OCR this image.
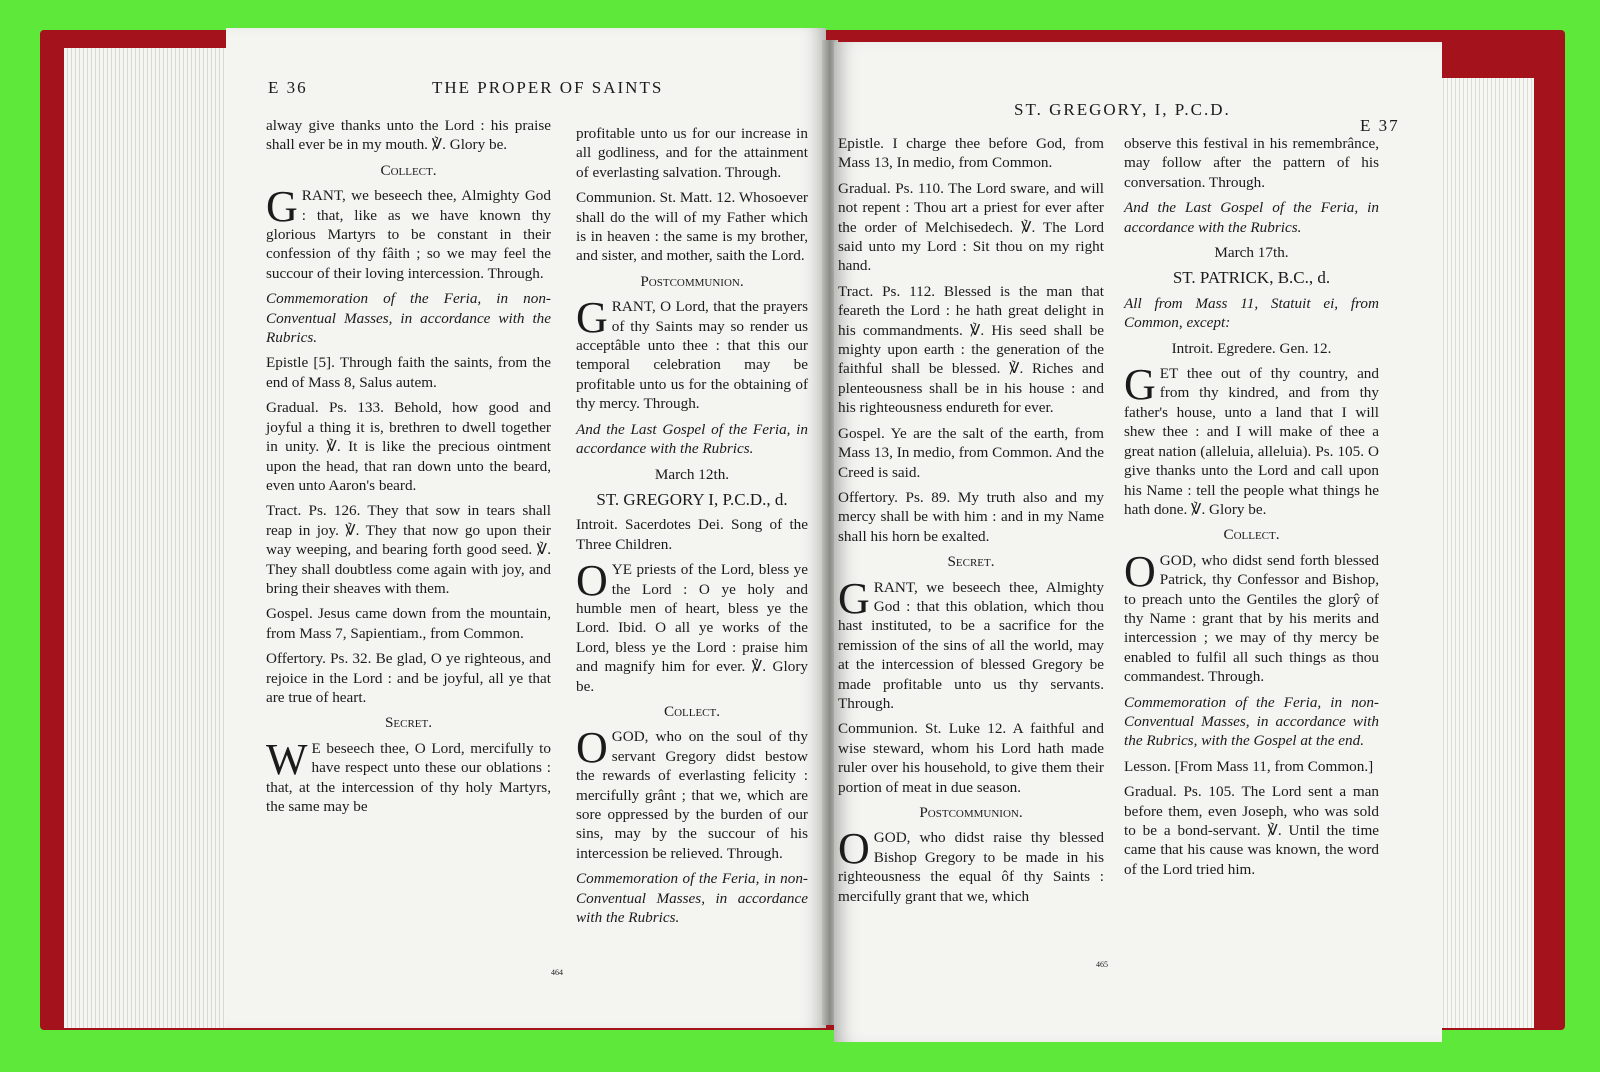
E 36	THE PROPER OF SAINTS

alway give thanks unto the Lord : his praise shall ever be in my mouth. ℣. Glory be.

Collect.

GRANT, we beseech thee, Almighty God : that, like as we have known thy glorious Martyrs to be constant in their confession of thy fâith ; so we may feel the succour of their loving intercession. Through.

Commemoration of the Feria, in non-Conventual Masses, in accordance with the Rubrics.

Epistle [5]. Through faith the saints, from the end of Mass 8, Salus autem.

Gradual. Ps. 133. Behold, how good and joyful a thing it is, brethren to dwell together in unity. ℣. It is like the precious ointment upon the head, that ran down unto the beard, even unto Aaron's beard.

Tract. Ps. 126. They that sow in tears shall reap in joy. ℣. They that now go upon their way weeping, and bearing forth good seed. ℣. They shall doubtless come again with joy, and bring their sheaves with them.

Gospel. Jesus came down from the mountain, from Mass 7, Sapientiam., from Common.

Offertory. Ps. 32. Be glad, O ye righteous, and rejoice in the Lord : and be joyful, all ye that are true of heart.

Secret.

W E beseech thee, O Lord, mercifully to have respect unto these our oblations : that, at the intercession of thy holy Martyrs, the same may be

profitable unto us for our increase in all godliness, and for the attainment of everlasting salvation. Through.

Communion. St. Matt. 12. Whosoever shall do the will of my Father which is in heaven : the same is my brother, and sister, and mother, saith the Lord.

Postcommunion.

GRANT, O Lord, that the prayers of thy Saints may so render us acceptâble unto thee : that this our temporal celebration may be profitable unto us for the obtaining of thy mercy. Through.

And the Last Gospel of the Feria, in accordance with the Rubrics.

March 12th.

ST. GREGORY I, P.C.D., d.

Introit. Sacerdotes Dei. Song of the Three Children.

OYE priests of the Lord, bless ye the Lord : O ye holy and humble men of heart, bless ye the Lord. Ibid. O all ye works of the Lord, bless ye the Lord : praise him and magnify him for ever. ℣. Glory be.

Collect.

OGOD, who on the soul of thy servant Gregory didst bestow the rewards of everlasting felicity : mercifully grânt ; that we, which are sore oppressed by the burden of our sins, may by the succour of his intercession be relieved. Through.

Commemoration of the Feria, in non-Conventual Masses, in accordance with the Rubrics.

464
ST. GREGORY, I, P.C.D.
E 37

Epistle. I charge thee before God, from Mass 13, In medio, from Common.

Gradual. Ps. 110. The Lord sware, and will not repent : Thou art a priest for ever after the order of Melchisedech. ℣. The Lord said unto my Lord : Sit thou on my right hand.

Tract. Ps. 112. Blessed is the man that feareth the Lord : he hath great delight in his commandments. ℣. His seed shall be mighty upon earth : the generation of the faithful shall be blessed. ℣. Riches and plenteousness shall be in his house : and his righteousness endureth for ever.

Gospel. Ye are the salt of the earth, from Mass 13, In medio, from Common. And the Creed is said.

Offertory. Ps. 89. My truth also and my mercy shall be with him : and in my Name shall his horn be exalted.

Secret.

GRANT, we beseech thee, Almighty God : that this oblation, which thou hast instituted, to be a sacrifice for the remission of the sins of all the world, may at the intercession of blessed Gregory be made profitable unto us thy servants. Through.

Communion. St. Luke 12. A faithful and wise steward, whom his Lord hath made ruler over his household, to give them their portion of meat in due season.

Postcommunion.

OGOD, who didst raise thy blessed Bishop Gregory to be made in his righteousness the equal ôf thy Saints : mercifully grant that we, which

observe this festival in his remembrânce, may follow after the pattern of his conversation. Through.

And the Last Gospel of the Feria, in accordance with the Rubrics.

March 17th.

ST. PATRICK, B.C., d.

All from Mass 11, Statuit ei, from Common, except:

Introit. Egredere. Gen. 12.

GET thee out of thy country, and from thy kindred, and from thy father's house, unto a land that I will shew thee : and I will make of thee a great nation (alleluia, alleluia). Ps. 105. O give thanks unto the Lord and call upon his Name : tell the people what things he hath done. ℣. Glory be.

Collect.

OGOD, who didst send forth blessed Patrick, thy Confessor and Bishop, to preach unto the Gentiles the glorŷ of thy Name : grant that by his merits and intercession ; we may of thy mercy be enabled to fulfil all such things as thou commandest. Through.

Commemoration of the Feria, in non-Conventual Masses, in accordance with the Rubrics, with the Gospel at the end.

Lesson. [From Mass 11, from Common.]

Gradual. Ps. 105. The Lord sent a man before them, even Joseph, who was sold to be a bond-servant. ℣. Until the time came that his cause was known, the word of the Lord tried him.

465
